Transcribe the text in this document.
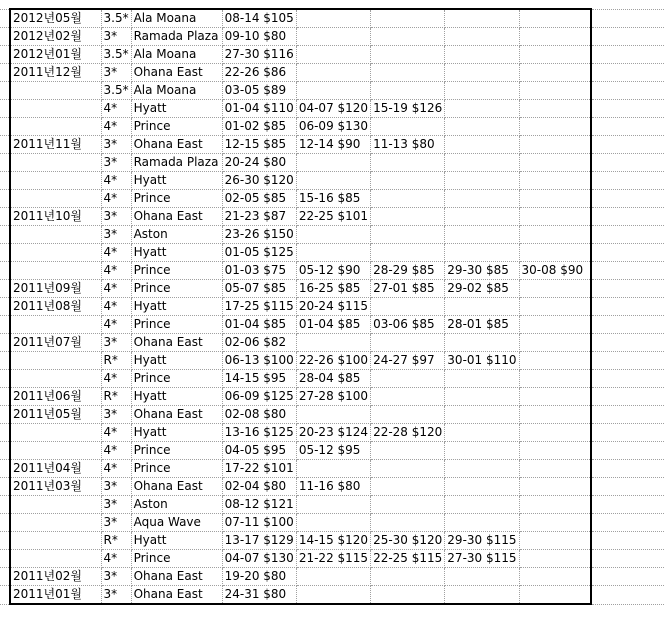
	2012년05월	3.5*	Ala Moana	08-14 $105					
	2012년02월	3*	Ramada Plaza	09-10 $80					
	2012년01월	3.5*	Ala Moana	27-30 $116					
	2011년12월	3*	Ohana East	22-26 $86					
		3.5*	Ala Moana	03-05 $89					
		4*	Hyatt	01-04 $110	04-07 $120	15-19 $126			
		4*	Prince	01-02 $85	06-09 $130				
	2011년11월	3*	Ohana East	12-15 $85	12-14 $90	11-13 $80			
		3*	Ramada Plaza	20-24 $80					
		4*	Hyatt	26-30 $120					
		4*	Prince	02-05 $85	15-16 $85				
	2011년10월	3*	Ohana East	21-23 $87	22-25 $101				
		3*	Aston	23-26 $150					
		4*	Hyatt	01-05 $125					
		4*	Prince	01-03 $75	05-12 $90	28-29 $85	29-30 $85	30-08 $90	
	2011년09월	4*	Prince	05-07 $85	16-25 $85	27-01 $85	29-02 $85		
	2011년08월	4*	Hyatt	17-25 $115	20-24 $115				
		4*	Prince	01-04 $85	01-04 $85	03-06 $85	28-01 $85		
	2011년07월	3*	Ohana East	02-06 $82					
		R*	Hyatt	06-13 $100	22-26 $100	24-27 $97	30-01 $110		
		4*	Prince	14-15 $95	28-04 $85				
	2011년06월	R*	Hyatt	06-09 $125	27-28 $100				
	2011년05월	3*	Ohana East	02-08 $80					
		4*	Hyatt	13-16 $125	20-23 $124	22-28 $120			
		4*	Prince	04-05 $95	05-12 $95				
	2011년04월	4*	Prince	17-22 $101					
	2011년03월	3*	Ohana East	02-04 $80	11-16 $80				
		3*	Aston	08-12 $121					
		3*	Aqua Wave	07-11 $100					
		R*	Hyatt	13-17 $129	14-15 $120	25-30 $120	29-30 $115		
		4*	Prince	04-07 $130	21-22 $115	22-25 $115	27-30 $115		
	2011년02월	3*	Ohana East	19-20 $80					
	2011년01월	3*	Ohana East	24-31 $80					
